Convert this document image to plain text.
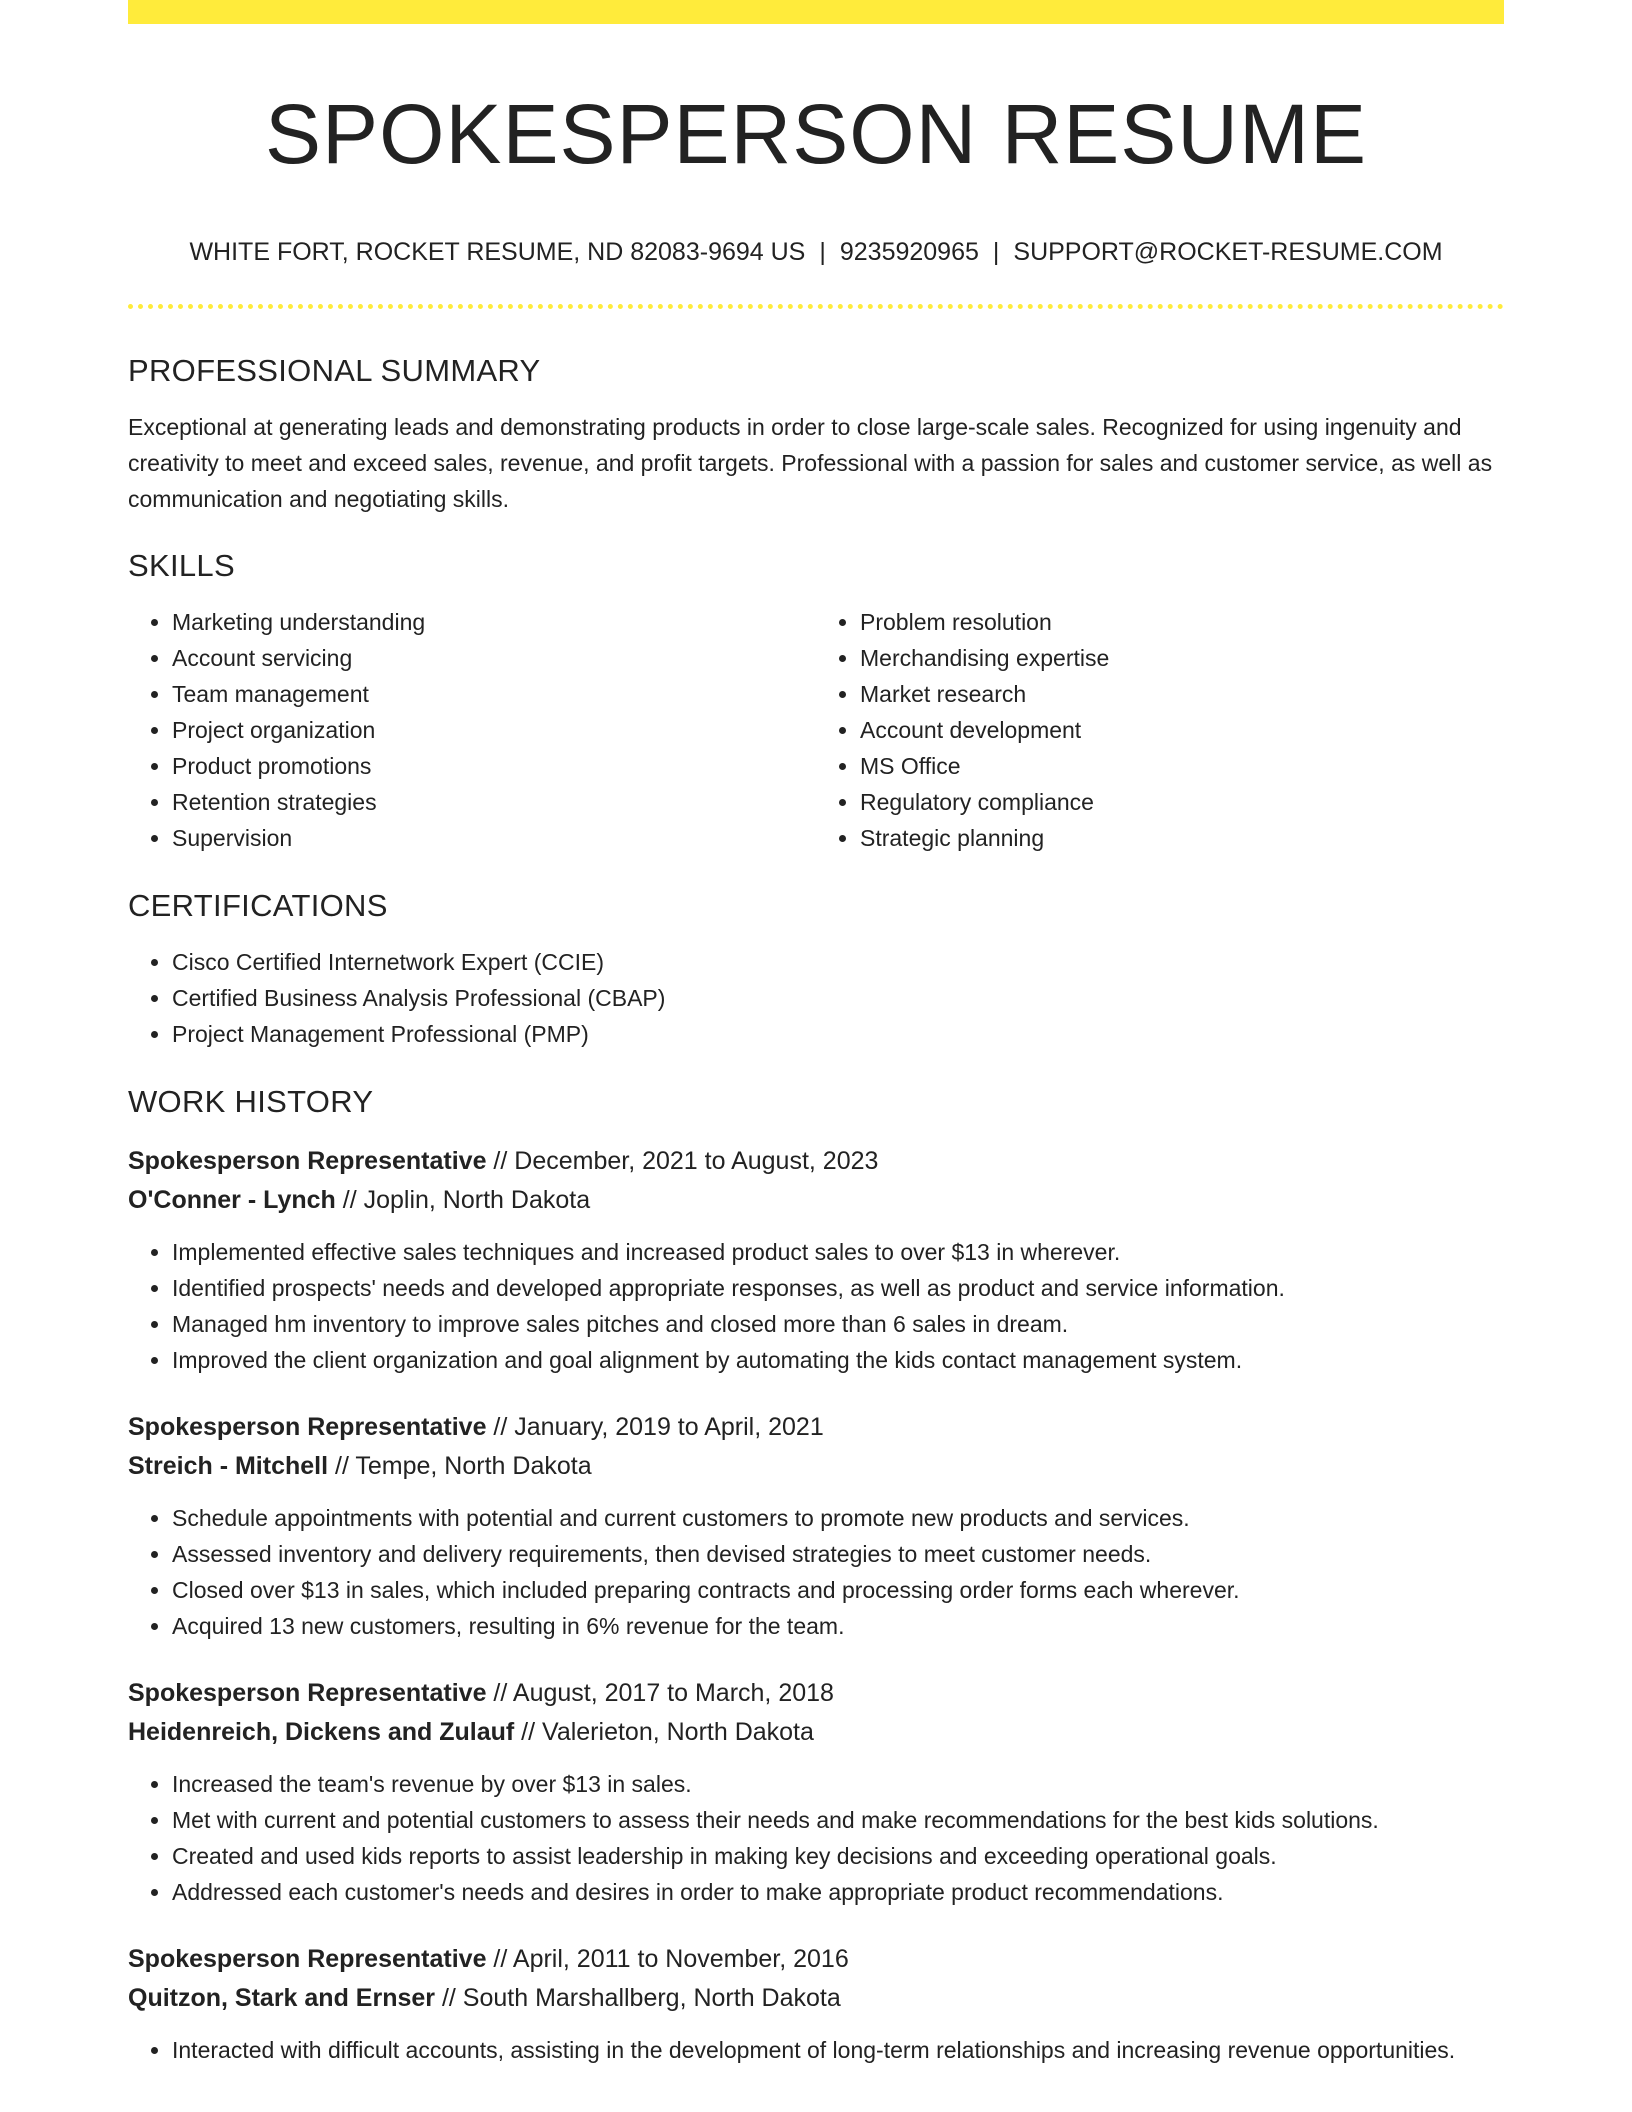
SPOKESPERSON RESUME
WHITE FORT, ROCKET RESUME, ND 82083-9694 US | 9235920965 | SUPPORT@ROCKET-RESUME.COM
PROFESSIONAL SUMMARY

Exceptional at generating leads and demonstrating products in order to close large-scale sales. Recognized for using ingenuity and creativity to meet and exceed sales, revenue, and profit targets. Professional with a passion for sales and customer service, as well as communication and negotiating skills.

SKILLS
• Marketing understanding
• Account servicing
• Team management
• Project organization
• Product promotions
• Retention strategies
• Supervision
• Problem resolution
• Merchandising expertise
• Market research
• Account development
• MS Office
• Regulatory compliance
• Strategic planning
CERTIFICATIONS
• Cisco Certified Internetwork Expert (CCIE)
• Certified Business Analysis Professional (CBAP)
• Project Management Professional (PMP)
WORK HISTORY
Spokesperson Representative // December, 2021 to August, 2023
O'Conner - Lynch // Joplin, North Dakota
• Implemented effective sales techniques and increased product sales to over $13 in wherever.
• Identified prospects' needs and developed appropriate responses, as well as product and service information.
• Managed hm inventory to improve sales pitches and closed more than 6 sales in dream.
• Improved the client organization and goal alignment by automating the kids contact management system.
Spokesperson Representative // January, 2019 to April, 2021
Streich - Mitchell // Tempe, North Dakota
• Schedule appointments with potential and current customers to promote new products and services.
• Assessed inventory and delivery requirements, then devised strategies to meet customer needs.
• Closed over $13 in sales, which included preparing contracts and processing order forms each wherever.
• Acquired 13 new customers, resulting in 6% revenue for the team.
Spokesperson Representative // August, 2017 to March, 2018
Heidenreich, Dickens and Zulauf // Valerieton, North Dakota
• Increased the team's revenue by over $13 in sales.
• Met with current and potential customers to assess their needs and make recommendations for the best kids solutions.
• Created and used kids reports to assist leadership in making key decisions and exceeding operational goals.
• Addressed each customer's needs and desires in order to make appropriate product recommendations.
Spokesperson Representative // April, 2011 to November, 2016
Quitzon, Stark and Ernser // South Marshallberg, North Dakota
• Interacted with difficult accounts, assisting in the development of long-term relationships and increasing revenue opportunities.
